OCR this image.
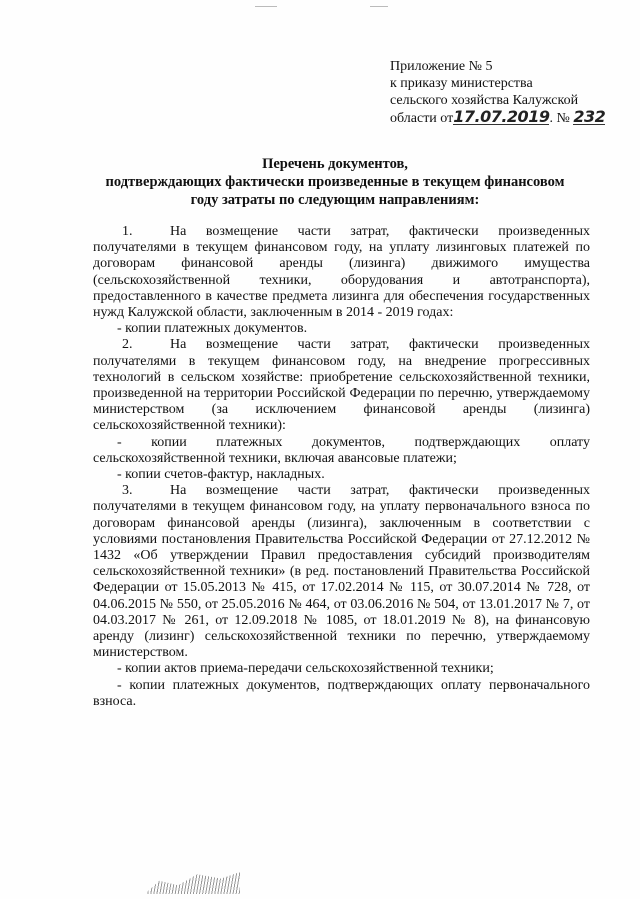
Приложение № 5
к приказу министерства
сельского хозяйства Калужской
области от17.07.2019. № 232
Перечень документов,
подтверждающих фактически произведенные в текущем финансовом
году затраты по следующим направлениям:

1.	На возмещение части затрат, фактически произведенных

получателями в текущем финансовом году, на уплату лизинговых платежей по договорам финансовой аренды (лизинга) движимого имущества (сельскохозяйственной техники, оборудования и автотранспорта), предоставленного в качестве предмета лизинга для обеспечения государственных нужд Калужской области, заключенным в 2014 - 2019 годах:

- копии платежных документов.

2.	На возмещение части затрат, фактически произведенных

получателями в текущем финансовом году, на внедрение прогрессивных технологий в сельском хозяйстве: приобретение сельскохозяйственной техники, произведенной на территории Российской Федерации по перечню, утверждаемому министерством (за исключением финансовой аренды (лизинга) сельскохозяйственной техники):

- копии платежных документов, подтверждающих оплату сельскохозяйственной техники, включая авансовые платежи;

- копии счетов-фактур, накладных.

3.	На возмещение части затрат, фактически произведенных

получателями в текущем финансовом году, на уплату первоначального взноса по договорам финансовой аренды (лизинга), заключенным в соответствии с условиями постановления Правительства Российской Федерации от 27.12.2012 № 1432 «Об утверждении Правил предоставления субсидий производителям сельскохозяйственной техники» (в ред. постановлений Правительства Российской Федерации от 15.05.2013 № 415, от 17.02.2014 № 115, от 30.07.2014 № 728, от 04.06.2015 № 550, от 25.05.2016 № 464, от 03.06.2016 № 504, от 13.01.2017 № 7, от 04.03.2017 № 261, от 12.09.2018 № 1085, от 18.01.2019 № 8), на финансовую аренду (лизинг) сельскохозяйственной техники по перечню, утверждаемому министерством.

- копии актов приема-передачи сельскохозяйственной техники;

- копии платежных документов, подтверждающих оплату первоначального взноса.
